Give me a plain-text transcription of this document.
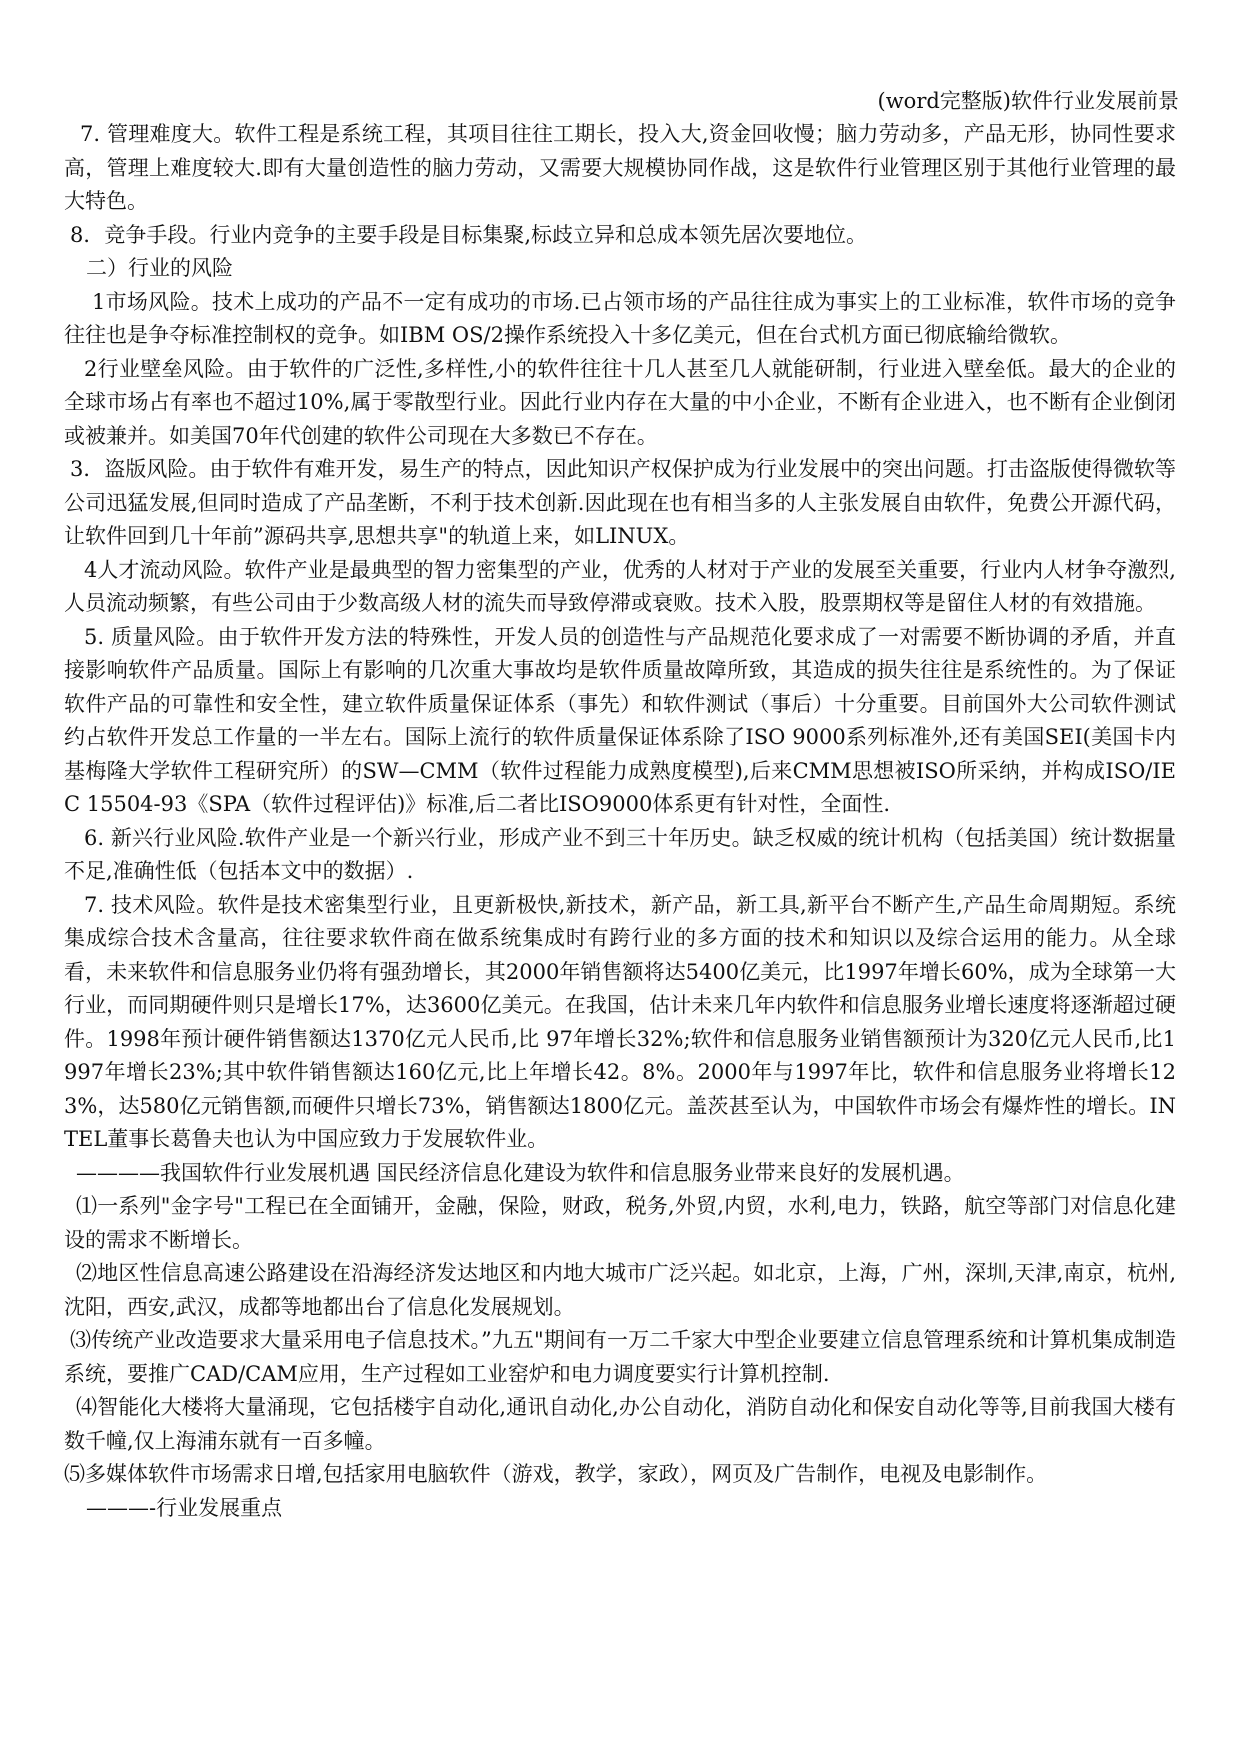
(word完整版)软件行业发展前景

7. 管理难度大。软件工程是系统工程，其项目往往工期长，投入大,资金回收慢；脑力劳动多，产品无形，协同性要求高，管理上难度较大.即有大量创造性的脑力劳动，又需要大规模协同作战，这是软件行业管理区别于其他行业管理的最大特色。

8．竞争手段。行业内竞争的主要手段是目标集聚,标歧立异和总成本领先居次要地位。

二）行业的风险

1市场风险。技术上成功的产品不一定有成功的市场.已占领市场的产品往往成为事实上的工业标准，软件市场的竞争往往也是争夺标准控制权的竞争。如IBM OS/2操作系统投入十多亿美元，但在台式机方面已彻底输给微软。

2行业壁垒风险。由于软件的广泛性,多样性,小的软件往往十几人甚至几人就能研制，行业进入壁垒低。最大的企业的全球市场占有率也不超过10%,属于零散型行业。因此行业内存在大量的中小企业，不断有企业进入，也不断有企业倒闭或被兼并。如美国70年代创建的软件公司现在大多数已不存在。

3．盗版风险。由于软件有难开发，易生产的特点，因此知识产权保护成为行业发展中的突出问题。打击盗版使得微软等公司迅猛发展,但同时造成了产品垄断，不利于技术创新.因此现在也有相当多的人主张发展自由软件，免费公开源代码，让软件回到几十年前”源码共享,思想共享"的轨道上来，如LINUX。

4人才流动风险。软件产业是最典型的智力密集型的产业，优秀的人材对于产业的发展至关重要，行业内人材争夺激烈,人员流动频繁，有些公司由于少数高级人材的流失而导致停滞或衰败。技术入股，股票期权等是留住人材的有效措施。

5. 质量风险。由于软件开发方法的特殊性，开发人员的创造性与产品规范化要求成了一对需要不断协调的矛盾，并直接影响软件产品质量。国际上有影响的几次重大事故均是软件质量故障所致，其造成的损失往往是系统性的。为了保证软件产品的可靠性和安全性，建立软件质量保证体系（事先）和软件测试（事后）十分重要。目前国外大公司软件测试约占软件开发总工作量的一半左右。国际上流行的软件质量保证体系除了ISO 9000系列标准外,还有美国SEI(美国卡内基梅隆大学软件工程研究所）的SW—CMM（软件过程能力成熟度模型),后来CMM思想被ISO所采纳，并构成ISO/IEC 15504-93《SPA（软件过程评估)》标准,后二者比ISO9000体系更有针对性，全面性.

6. 新兴行业风险.软件产业是一个新兴行业，形成产业不到三十年历史。缺乏权威的统计机构（包括美国）统计数据量不足,准确性低（包括本文中的数据）.

7. 技术风险。软件是技术密集型行业，且更新极快,新技术，新产品，新工具,新平台不断产生,产品生命周期短。系统集成综合技术含量高，往往要求软件商在做系统集成时有跨行业的多方面的技术和知识以及综合运用的能力。从全球看，未来软件和信息服务业仍将有强劲增长，其2000年销售额将达5400亿美元，比1997年增长60%，成为全球第一大行业，而同期硬件则只是增长17%，达3600亿美元。在我国，估计未来几年内软件和信息服务业增长速度将逐渐超过硬件。1998年预计硬件销售额达1370亿元人民币,比 97年增长32%;软件和信息服务业销售额预计为320亿元人民币,比1997年增长23%;其中软件销售额达160亿元,比上年增长42。8%。2000年与1997年比，软件和信息服务业将增长123%，达580亿元销售额,而硬件只增长73%，销售额达1800亿元。盖茨甚至认为，中国软件市场会有爆炸性的增长。INTEL董事长葛鲁夫也认为中国应致力于发展软件业。

————我国软件行业发展机遇 国民经济信息化建设为软件和信息服务业带来良好的发展机遇。

⑴一系列"金字号"工程已在全面铺开，金融，保险，财政，税务,外贸,内贸，水利,电力，铁路，航空等部门对信息化建设的需求不断增长。

⑵地区性信息高速公路建设在沿海经济发达地区和内地大城市广泛兴起。如北京，上海，广州，深圳,天津,南京，杭州,沈阳，西安,武汉，成都等地都出台了信息化发展规划。

⑶传统产业改造要求大量采用电子信息技术。”九五"期间有一万二千家大中型企业要建立信息管理系统和计算机集成制造系统，要推广CAD/CAM应用，生产过程如工业窑炉和电力调度要实行计算机控制.

⑷智能化大楼将大量涌现，它包括楼宇自动化,通讯自动化,办公自动化，消防自动化和保安自动化等等,目前我国大楼有数千幢,仅上海浦东就有一百多幢。

⑸多媒体软件市场需求日增,包括家用电脑软件（游戏，教学，家政），网页及广告制作，电视及电影制作。

———-行业发展重点
